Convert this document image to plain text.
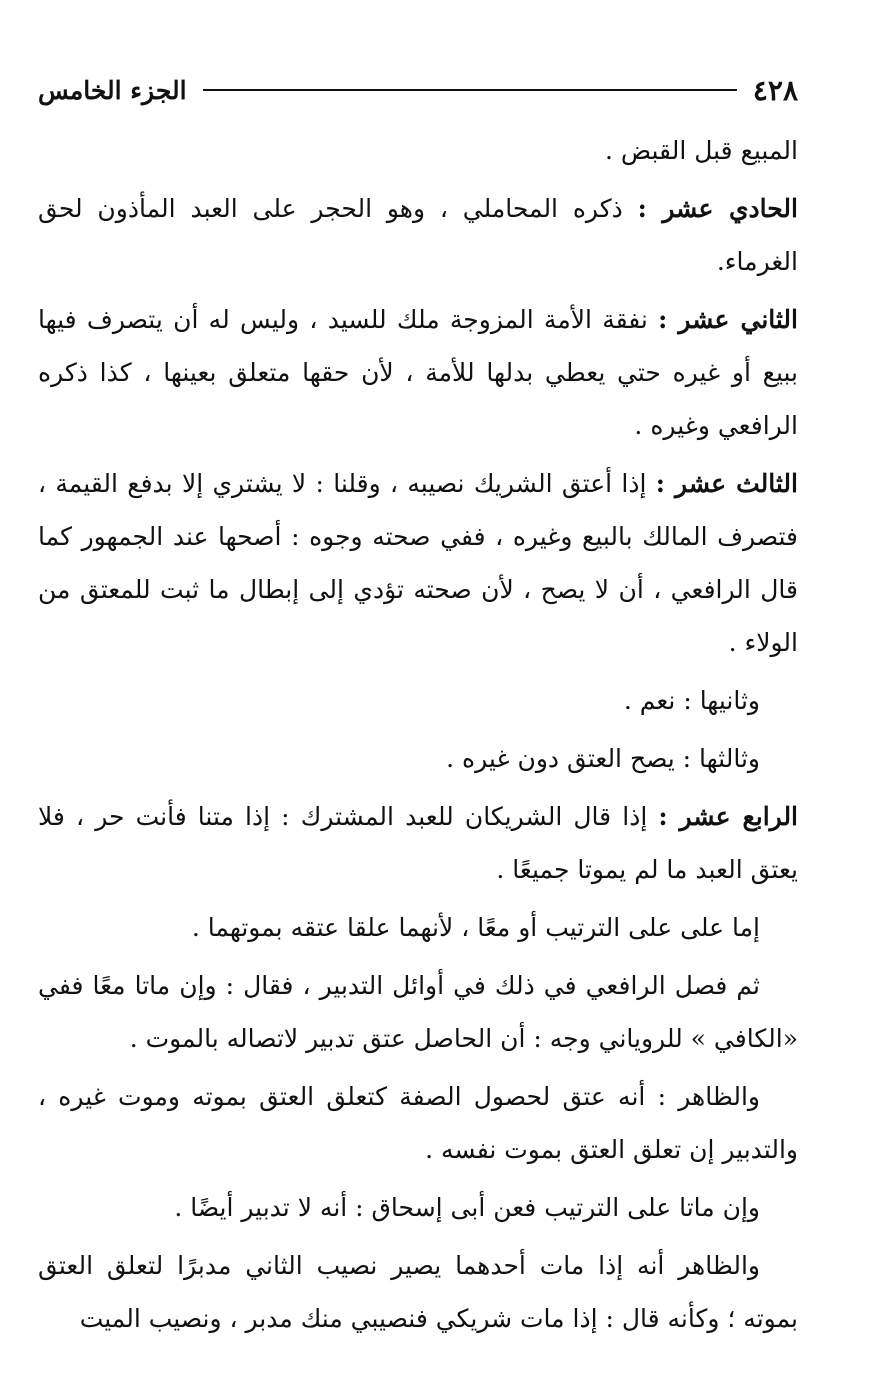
٤٢٨
الجزء الخامس

المبيع قبل القبض .

الحادي عشر : ذكره المحاملي ، وهو الحجر على العبد المأذون لحق الغرماء.

الثاني عشر : نفقة الأمة المزوجة ملك للسيد ، وليس له أن يتصرف فيها ببيع أو غيره حتي يعطي بدلها للأمة ، لأن حقها متعلق بعينها ، كذا ذكره الرافعي وغيره .

الثالث عشر : إذا أعتق الشريك نصيبه ، وقلنا : لا يشتري إلا بدفع القيمة ، فتصرف المالك بالبيع وغيره ، ففي صحته وجوه : أصحها عند الجمهور كما قال الرافعي ، أن لا يصح ، لأن صحته تؤدي إلى إبطال ما ثبت للمعتق من الولاء .

وثانيها : نعم .

وثالثها : يصح العتق دون غيره .

الرابع عشر : إذا قال الشريكان للعبد المشترك : إذا متنا فأنت حر ، فلا يعتق العبد ما لم يموتا جميعًا .

إما على على الترتيب أو معًا ، لأنهما علقا عتقه بموتهما .

ثم فصل الرافعي في ذلك في أوائل التدبير ، فقال : وإن ماتا معًا ففي «الكافي » للروياني وجه : أن الحاصل عتق تدبير لاتصاله بالموت .

والظاهر : أنه عتق لحصول الصفة كتعلق العتق بموته وموت غيره ، والتدبير إن تعلق العتق بموت نفسه .

وإن ماتا على الترتيب فعن أبى إسحاق : أنه لا تدبير أيضًا .

والظاهر أنه إذا مات أحدهما يصير نصيب الثاني مدبرًا لتعلق العتق بموته ؛ وكأنه قال : إذا مات شريكي فنصيبي منك مدبر ، ونصيب الميت
